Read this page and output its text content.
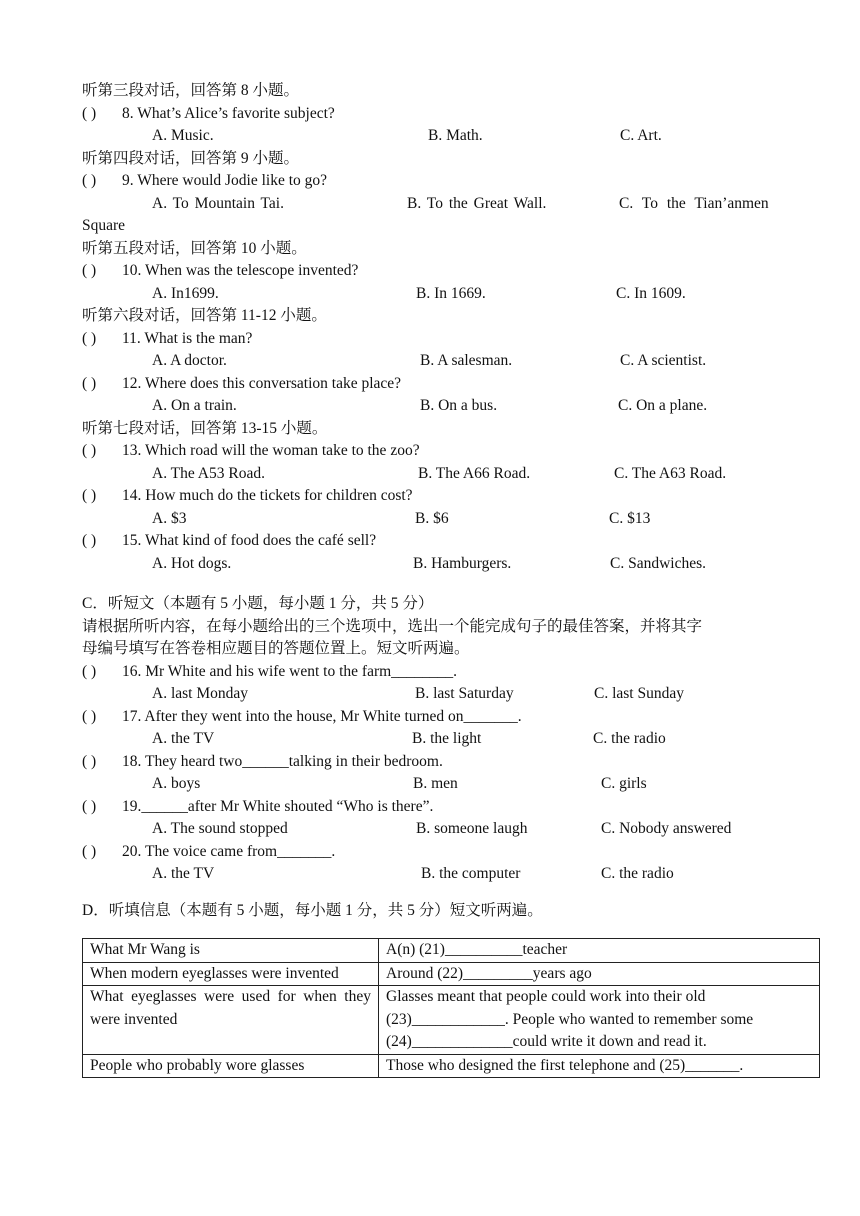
听第三段对话，回答第 8 小题。
( ) 8. What’s Alice’s favorite subject?
A. Music.	B. Math.	C. Art.
听第四段对话，回答第 9 小题。
( ) 9. Where would Jodie like to go?
A. To Mountain Tai.	B. To the Great Wall.	C. To the Tian’anmen
Square
听第五段对话，回答第 10 小题。
( ) 10. When was the telescope invented?
A. In1699.	B. In 1669.	C. In 1609.
听第六段对话，回答第 11-12 小题。
( ) 11. What is the man?
A. A doctor.	B. A salesman.	C. A scientist.
( ) 12. Where does this conversation take place?
A. On a train.	B. On a bus.	C. On a plane.
听第七段对话，回答第 13-15 小题。
( ) 13. Which road will the woman take to the zoo?
A. The A53 Road.	B. The A66 Road.	C. The A63 Road.
( ) 14. How much do the tickets for children cost?
A. $3	B. $6	C. $13
( ) 15. What kind of food does the café sell?
A. Hot dogs.	B. Hamburgers.	C. Sandwiches.
C．听短文（本题有 5 小题，每小题 1 分，共 5 分）
请根据所听内容，在每小题给出的三个选项中，选出一个能完成句子的最佳答案，并将其字
母编号填写在答卷相应题目的答题位置上。短文听两遍。
( ) 16. Mr White and his wife went to the farm________.
A. last Monday	B. last Saturday	C. last Sunday
( ) 17. After they went into the house, Mr White turned on_______.
A. the TV	B. the light	C. the radio
( ) 18. They heard two______talking in their bedroom.
A. boys	B. men	C. girls
( ) 19.______after Mr White shouted “Who is there”.
A. The sound stopped	B. someone laugh	C. Nobody answered
( ) 20. The voice came from_______.
A. the TV	B. the computer	C. the radio
D．听填信息（本题有 5 小题，每小题 1 分，共 5 分）短文听两遍。
What Mr Wang is	A(n) (21)__________teacher
When modern eyeglasses were invented	Around (22)_________years ago
What eyeglasses were used for when they were invented	Glasses meant that people could work into their old
(23)____________. People who wanted to remember some
(24)_____________could write it down and read it.

People who probably wore glasses	Those who designed the first telephone and (25)_______.
